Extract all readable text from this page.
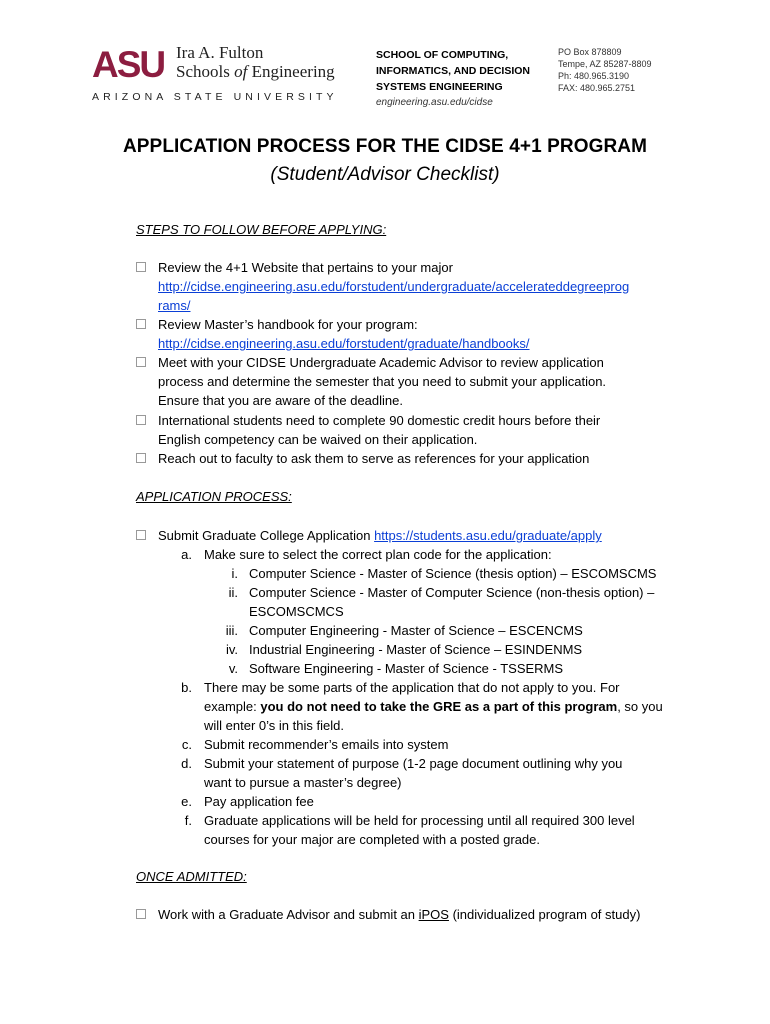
ASU Ira A. Fulton
Schools of Engineering
ARIZONA STATE UNIVERSITY
SCHOOL OF COMPUTING,
INFORMATICS, AND DECISION
SYSTEMS ENGINEERING
engineering.asu.edu/cidse
PO Box 878809
Tempe, AZ 85287-8809
Ph: 480.965.3190
FAX: 480.965.2751
APPLICATION PROCESS FOR THE CIDSE 4+1 PROGRAM
(Student/Advisor Checklist)
STEPS TO FOLLOW BEFORE APPLYING:
Review the 4+1 Website that pertains to your major
http://cidse.engineering.asu.edu/forstudent/undergraduate/accelerateddegreeprog
rams/
Review Master’s handbook for your program:
http://cidse.engineering.asu.edu/forstudent/graduate/handbooks/
Meet with your CIDSE Undergraduate Academic Advisor to review application
process and determine the semester that you need to submit your application.
Ensure that you are aware of the deadline.
International students need to complete 90 domestic credit hours before their
English competency can be waived on their application.
Reach out to faculty to ask them to serve as references for your application
APPLICATION PROCESS:
Submit Graduate College Application https://students.asu.edu/graduate/apply
a. Make sure to select the correct plan code for the application:
i. Computer Science - Master of Science (thesis option) – ESCOMSCMS
ii. Computer Science - Master of Computer Science (non-thesis option) –
ESCOMSCMCS
iii. Computer Engineering - Master of Science – ESCENCMS
iv. Industrial Engineering - Master of Science – ESINDENMS
v. Software Engineering - Master of Science - TSSERMS
b. There may be some parts of the application that do not apply to you. For
example: you do not need to take the GRE as a part of this program, so you
will enter 0’s in this field.
c. Submit recommender’s emails into system
d. Submit your statement of purpose (1-2 page document outlining why you
want to pursue a master’s degree)
e. Pay application fee
f. Graduate applications will be held for processing until all required 300 level
courses for your major are completed with a posted grade.
ONCE ADMITTED:
Work with a Graduate Advisor and submit an iPOS (individualized program of study)
